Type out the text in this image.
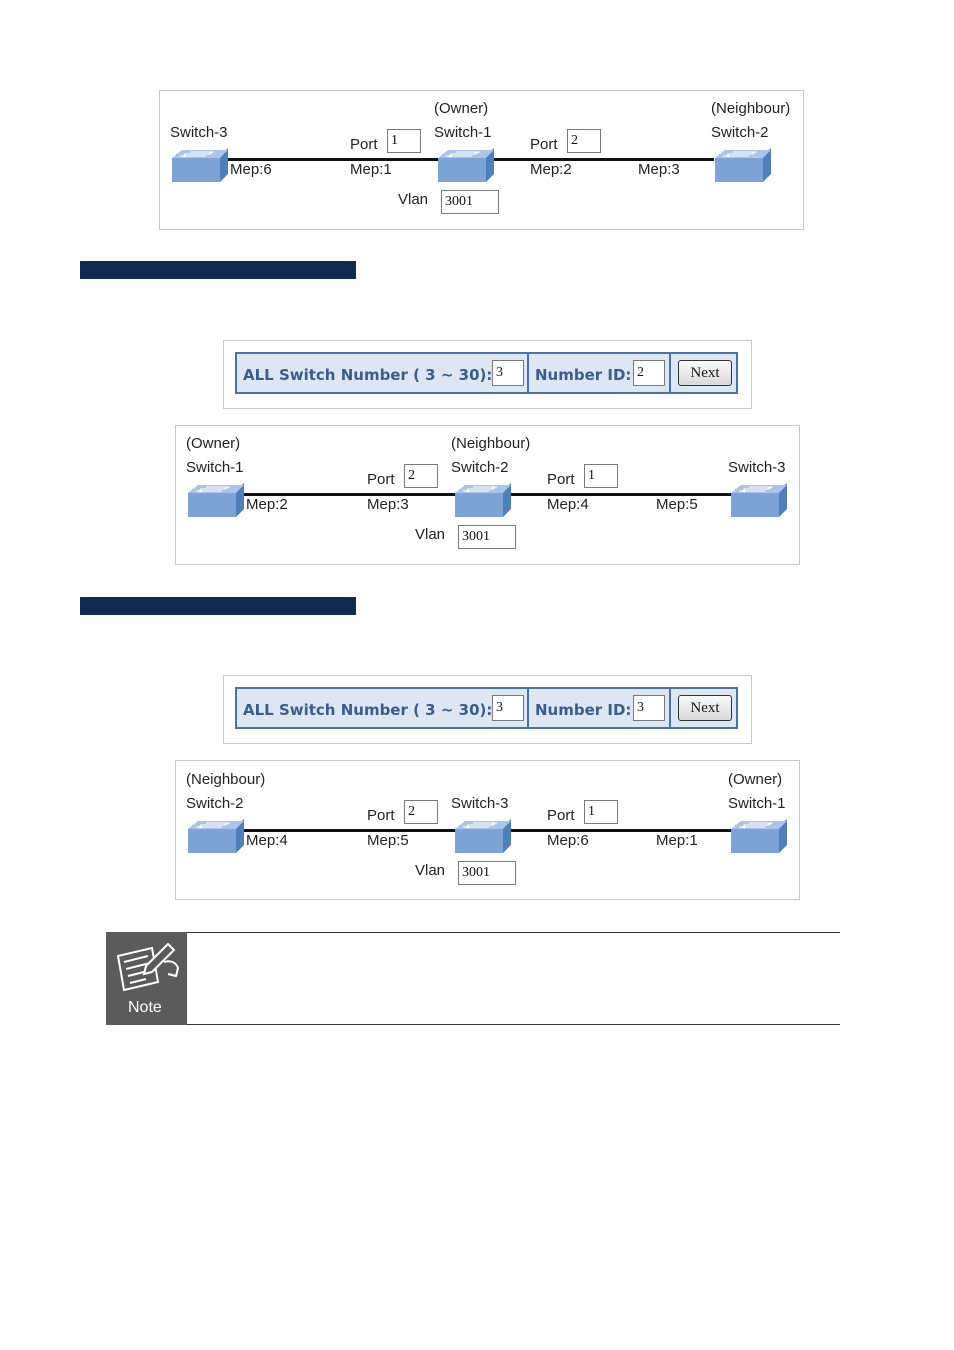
(Owner)	(Neighbour)
Switch-3	Switch-1	Switch-2
Port 1	Port 2
Mep:6	Mep:1	Mep:2	Mep:3
Vlan 3001
ALL Switch Number ( 3 ~ 30): 3	Number ID: 2	Next
(Owner)	(Neighbour)
Switch-1	Switch-2	Switch-3
Port 2	Port 1
Mep:2	Mep:3	Mep:4	Mep:5
Vlan 3001
ALL Switch Number ( 3 ~ 30): 3	Number ID: 3	Next
(Neighbour)	(Owner)
Switch-2	Switch-3	Switch-1
Port 2	Port 1
Mep:4	Mep:5	Mep:6	Mep:1
Vlan 3001
Note
